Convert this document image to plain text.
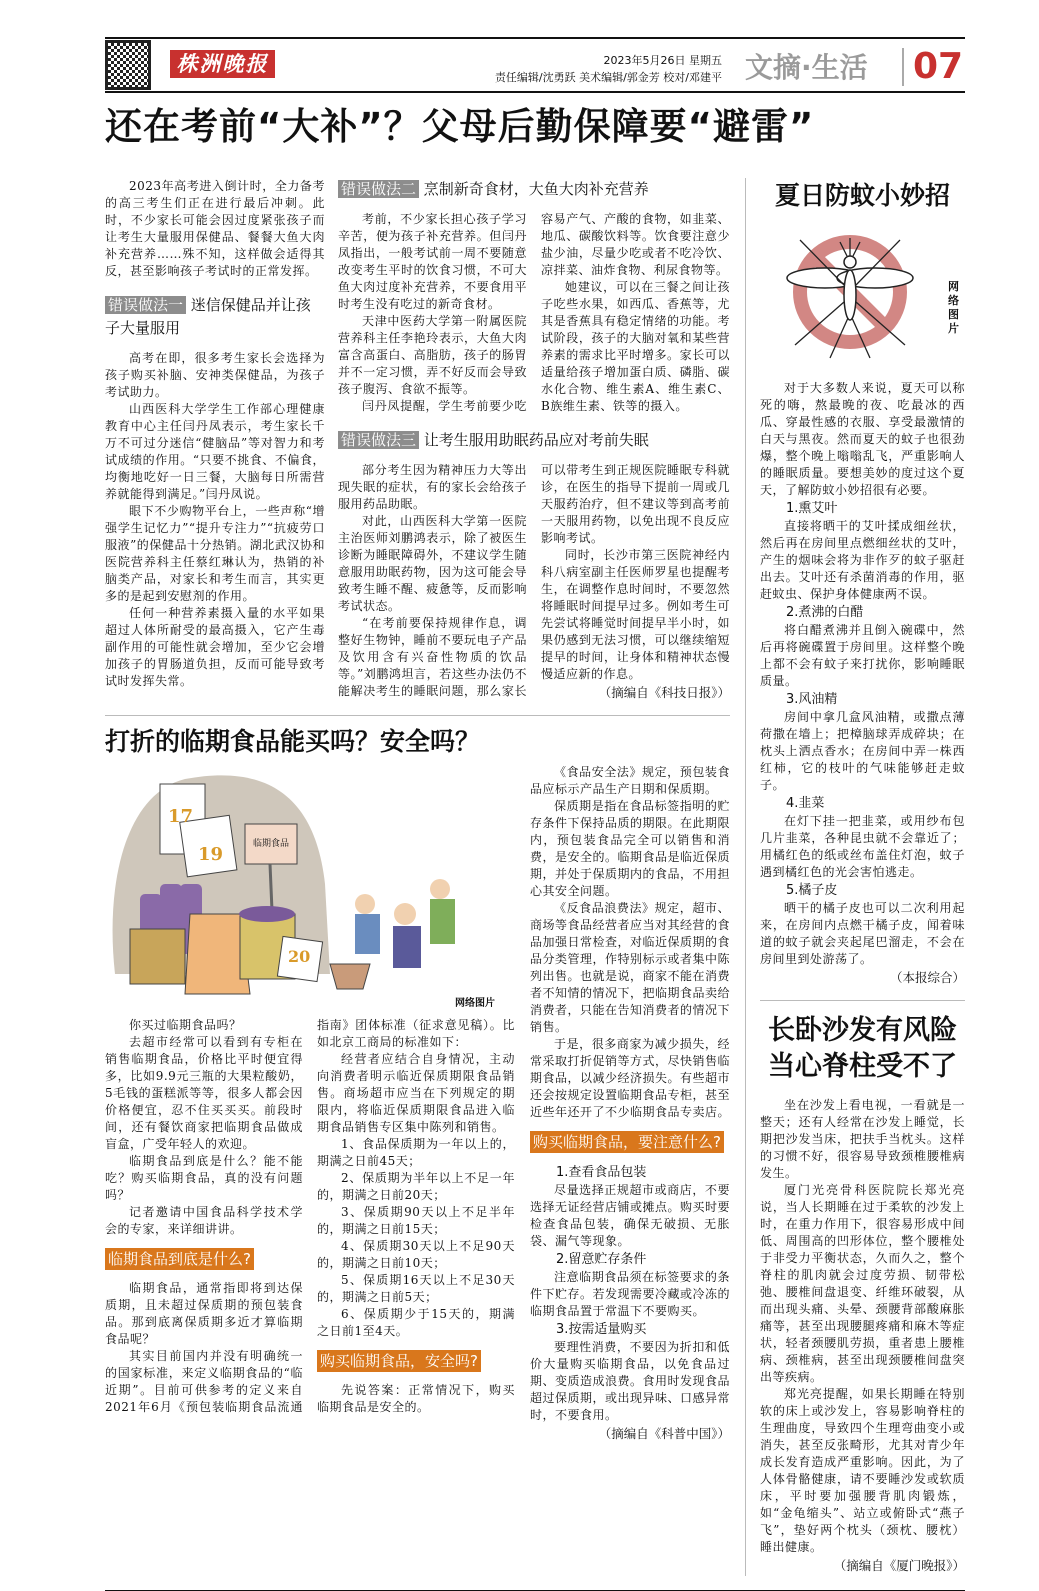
株洲晚报	2023年5月26日 星期五
责任编辑/沈勇跃 美术编辑/郭金芳 校对/邓建平 文摘·生活 07
还在考前“大补”？父母后勤保障要“避雷”

2023年高考进入倒计时，全力备考的高三考生们正在进行最后冲刺。此时，不少家长可能会因过度紧张孩子而让考生大量服用保健品、餐餐大鱼大肉补充营养……殊不知，这样做会适得其反，甚至影响孩子考试时的正常发挥。

错误做法一 迷信保健品并让孩子大量服用

高考在即，很多考生家长会选择为孩子购买补脑、安神类保健品，为孩子考试助力。

山西医科大学学生工作部心理健康教育中心主任闫丹凤表示，考生家长千万不可过分迷信“健脑品”等对智力和考试成绩的作用。“只要不挑食、不偏食，均衡地吃好一日三餐，大脑每日所需营养就能得到满足。”闫丹凤说。

眼下不少购物平台上，一些声称“增强学生记忆力”“提升专注力”“抗疲劳口服液”的保健品十分热销。湖北武汉协和医院营养科主任蔡红琳认为，热销的补脑类产品，对家长和考生而言，其实更多的是起到安慰剂的作用。

任何一种营养素摄入量的水平如果超过人体所耐受的最高摄入，它产生毒副作用的可能性就会增加，至少它会增加孩子的胃肠道负担，反而可能导致考试时发挥失常。

错误做法二 烹制新奇食材，大鱼大肉补充营养

考前，不少家长担心孩子学习辛苦，便为孩子补充营养。但闫丹凤指出，一般考试前一周不要随意改变考生平时的饮食习惯，不可大鱼大肉过度补充营养，不要食用平时考生没有吃过的新奇食材。

天津中医药大学第一附属医院营养科主任李艳玲表示，大鱼大肉富含高蛋白、高脂肪，孩子的肠胃并不一定习惯，弄不好反而会导致孩子腹泻、食欲不振等。

闫丹凤提醒，学生考前要少吃容易产气、产酸的食物，如韭菜、地瓜、碳酸饮料等。饮食要注意少盐少油，尽量少吃或者不吃冷饮、凉拌菜、油炸食物、利尿食物等。

她建议，可以在三餐之间让孩子吃些水果，如西瓜、香蕉等，尤其是香蕉具有稳定情绪的功能。考试阶段，孩子的大脑对氧和某些营养素的需求比平时增多。家长可以适量给孩子增加蛋白质、磷脂、碳水化合物、维生素A、维生素C、B族维生素、铁等的摄入。

错误做法三 让考生服用助眠药品应对考前失眠

部分考生因为精神压力大等出现失眠的症状，有的家长会给孩子服用药品助眠。

对此，山西医科大学第一医院主治医师刘鹏鸿表示，除了被医生诊断为睡眠障碍外，不建议学生随意服用助眠药物，因为这可能会导致考生睡不醒、疲惫等，反而影响考试状态。

“在考前要保持规律作息，调整好生物钟，睡前不要玩电子产品及饮用含有兴奋性物质的饮品等。”刘鹏鸿坦言，若这些办法仍不能解决考生的睡眠问题，那么家长可以带考生到正规医院睡眠专科就诊，在医生的指导下提前一周或几天服药治疗，但不建议等到高考前一天服用药物，以免出现不良反应影响考试。

同时，长沙市第三医院神经内科八病室副主任医师罗星也提醒考生，在调整作息时间时，不要忽然将睡眠时间提早过多。例如考生可先尝试将睡觉时间提早半小时，如果仍感到无法习惯，可以继续缩短提早的时间，让身体和精神状态慢慢适应新的作息。

（摘编自《科技日报》）

打折的临期食品能买吗？安全吗？
17
19
20
临期食品
网络图片

你买过临期食品吗？

去超市经常可以看到有专柜在销售临期食品，价格比平时便宜得多，比如9.9元三瓶的大果粒酸奶，5毛钱的蛋糕派等等，很多人都会因价格便宜，忍不住买买买。前段时间，还有餐饮商家把临期食品做成盲盒，广受年轻人的欢迎。

临期食品到底是什么？能不能吃？购买临期食品，真的没有问题吗？

记者邀请中国食品科学技术学会的专家，来详细讲讲。

临期食品到底是什么?

临期食品，通常指即将到达保质期，且未超过保质期的预包装食品。那到底离保质期多近才算临期食品呢？

其实目前国内并没有明确统一的国家标准，来定义临期食品的“临近期”。目前可供参考的定义来自2021年6月《预包装临期食品流通指南》团体标准（征求意见稿）。比如北京工商局的标准如下：

经营者应结合自身情况，主动向消费者明示临近保质期限食品销售。商场超市应当在下列规定的期限内，将临近保质期限食品进入临期食品销售专区集中陈列和销售。

1、食品保质期为一年以上的，期满之日前45天；

2、保质期为半年以上不足一年的，期满之日前20天；

3、保质期90天以上不足半年的，期满之日前15天；

4、保质期30天以上不足90天的，期满之日前10天；

5、保质期16天以上不足30天的，期满之日前5天；

6、保质期少于15天的，期满之日前1至4天。

购买临期食品，安全吗?

先说答案：正常情况下，购买临期食品是安全的。

《食品安全法》规定，预包装食品应标示产品生产日期和保质期。

保质期是指在食品标签指明的贮存条件下保持品质的期限。在此期限内，预包装食品完全可以销售和消费，是安全的。临期食品是临近保质期，并处于保质期内的食品，不用担心其安全问题。

《反食品浪费法》规定，超市、商场等食品经营者应当对其经营的食品加强日常检查，对临近保质期的食品分类管理，作特别标示或者集中陈列出售。也就是说，商家不能在消费者不知情的情况下，把临期食品卖给消费者，只能在告知消费者的情况下销售。

于是，很多商家为减少损失，经常采取打折促销等方式，尽快销售临期食品，以减少经济损失。有些超市还会按规定设置临期食品专柜，甚至近些年还开了不少临期食品专卖店。

购买临期食品，要注意什么?

1.查看食品包装

尽量选择正规超市或商店，不要选择无证经营店铺或摊点。购买时要检查食品包装，确保无破损、无胀袋、漏气等现象。

2.留意贮存条件

注意临期食品须在标签要求的条件下贮存。若发现需要冷藏或冷冻的临期食品置于常温下不要购买。

3.按需适量购买

要理性消费，不要因为折扣和低价大量购买临期食品，以免食品过期、变质造成浪费。食用时发现食品超过保质期，或出现异味、口感异常时，不要食用。

（摘编自《科普中国》）

夏日防蚊小妙招
网络图片

对于大多数人来说，夏天可以称死的嗨，熬最晚的夜、吃最冰的西瓜、穿最性感的衣服、享受最激情的白天与黑夜。然而夏天的蚊子也很劲爆，整个晚上嗡嗡乱飞，严重影响人的睡眠质量。要想美妙的度过这个夏天，了解防蚊小妙招很有必要。

1.熏艾叶

直接将晒干的艾叶揉成细丝状，然后再在房间里点燃细丝状的艾叶，产生的烟味会将为非作歹的蚊子驱赶出去。艾叶还有杀菌消毒的作用，驱赶蚊虫、保护身体健康两不误。

2.煮沸的白醋

将白醋煮沸并且倒入碗碟中，然后再将碗碟置于房间里。这样整个晚上都不会有蚊子来打扰你，影响睡眠质量。

3.风油精

房间中拿几盒风油精，或撒点薄荷撒在墙上；把樟脑球弄成碎块；在枕头上洒点香水；在房间中弄一株西红柿，它的枝叶的气味能够赶走蚊子。

4.韭菜

在灯下挂一把韭菜，或用纱布包几片韭菜，各种昆虫就不会靠近了；用橘红色的纸或丝布盖住灯泡，蚊子遇到橘红色的光会害怕逃走。

5.橘子皮

晒干的橘子皮也可以二次利用起来，在房间内点燃干橘子皮，闻着味道的蚊子就会夹起尾巴溜走，不会在房间里到处游荡了。

（本报综合）

长卧沙发有风险
当心脊柱受不了

坐在沙发上看电视，一看就是一整天；还有人经常在沙发上睡觉，长期把沙发当床，把扶手当枕头。这样的习惯不好，很容易导致颈椎腰椎病发生。

厦门光亮骨科医院院长郑光亮说，当人长期睡在过于柔软的沙发上时，在重力作用下，很容易形成中间低、周围高的凹形体位，整个腰椎处于非受力平衡状态，久而久之，整个脊柱的肌肉就会过度劳损、韧带松弛、腰椎间盘退变、纤维环破裂，从而出现头痛、头晕、颈腰背部酸麻胀痛等，甚至出现腰腿疼痛和麻木等症状，轻者颈腰肌劳损，重者患上腰椎病、颈椎病，甚至出现颈腰椎间盘突出等疾病。

郑光亮提醒，如果长期睡在特别软的床上或沙发上，容易影响脊柱的生理曲度，导致四个生理弯曲变小或消失，甚至反张畸形，尤其对青少年成长发育造成严重影响。因此，为了人体骨骼健康，请不要睡沙发或软质床，平时要加强腰背肌肉锻炼，如“金龟缩头”、站立或俯卧式“燕子飞”，垫好两个枕头（颈枕、腰枕）睡出健康。

（摘编自《厦门晚报》）
